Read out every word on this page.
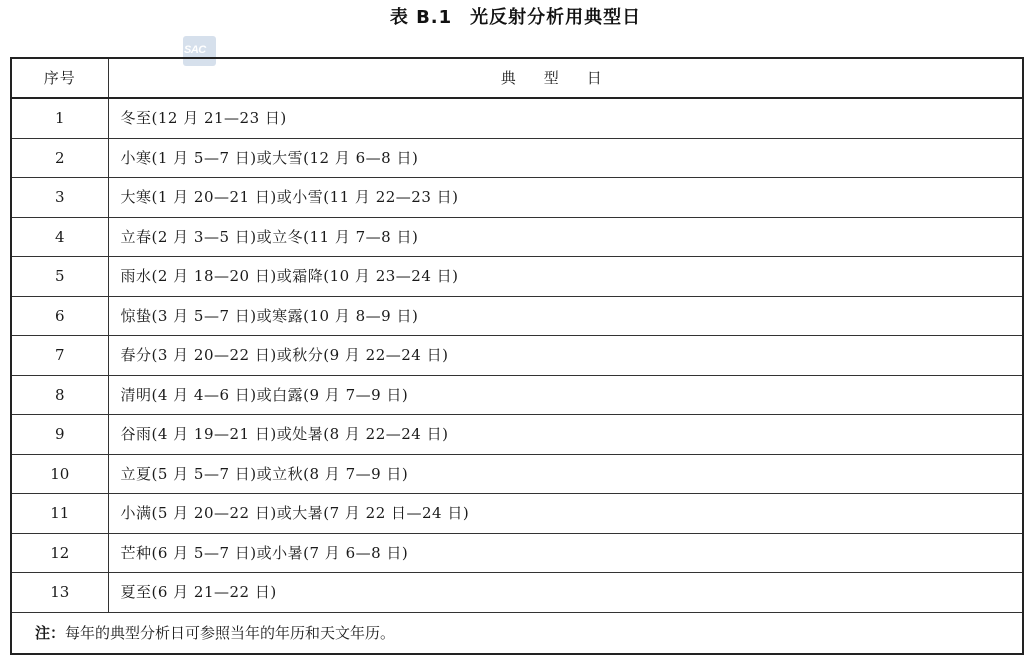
表 B.1 光反射分析用典型日
SAC
序号	典型日
1	冬至(12 月 21—23 日)
2	小寒(1 月 5—7 日)或大雪(12 月 6—8 日)
3	大寒(1 月 20—21 日)或小雪(11 月 22—23 日)
4	立春(2 月 3—5 日)或立冬(11 月 7—8 日)
5	雨水(2 月 18—20 日)或霜降(10 月 23—24 日)
6	惊蛰(3 月 5—7 日)或寒露(10 月 8—9 日)
7	春分(3 月 20—22 日)或秋分(9 月 22—24 日)
8	清明(4 月 4—6 日)或白露(9 月 7—9 日)
9	谷雨(4 月 19—21 日)或处暑(8 月 22—24 日)
10	立夏(5 月 5—7 日)或立秋(8 月 7—9 日)
11	小满(5 月 20—22 日)或大暑(7 月 22 日—24 日)
12	芒种(6 月 5—7 日)或小暑(7 月 6—8 日)
13	夏至(6 月 21—22 日)
注：每年的典型分析日可参照当年的年历和天文年历。	
